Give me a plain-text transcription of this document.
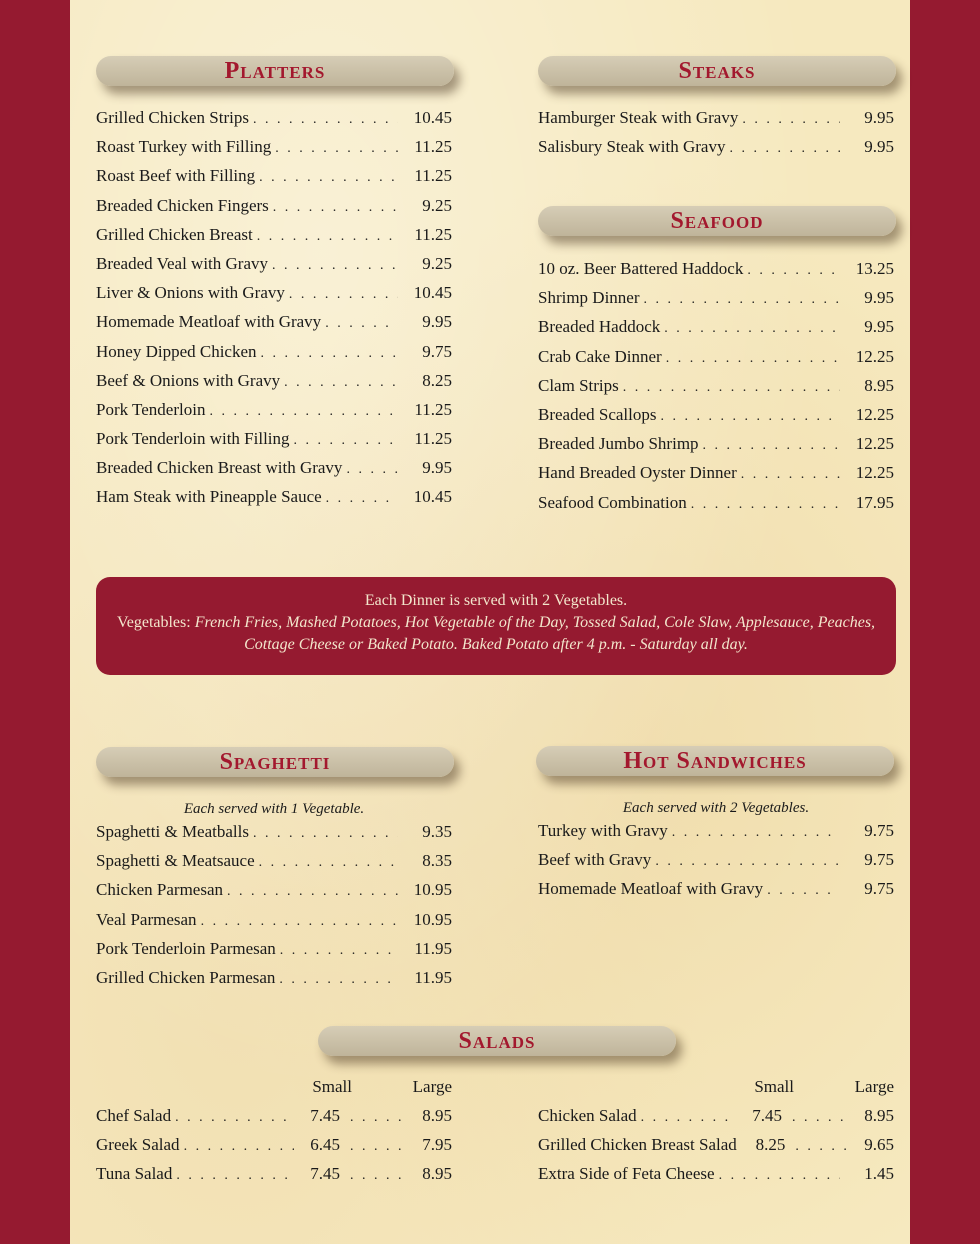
Platters
Grilled Chicken Strips . . .	10.45
Roast Turkey with Filling . . .	11.25
Roast Beef with Filling . . .	11.25
Breaded Chicken Fingers . . .	9.25
Grilled Chicken Breast . . .	11.25
Breaded Veal with Gravy . . .	9.25
Liver & Onions with Gravy . . .	10.45
Homemade Meatloaf with Gravy . . .	9.95
Honey Dipped Chicken . . .	9.75
Beef & Onions with Gravy . . .	8.25
Pork Tenderloin . . .	11.25
Pork Tenderloin with Filling . . .	11.25
Breaded Chicken Breast with Gravy . . .	9.95
Ham Steak with Pineapple Sauce . . .	10.45
Steaks
Hamburger Steak with Gravy . . .	9.95
Salisbury Steak with Gravy . . .	9.95
Seafood
10 oz. Beer Battered Haddock . . .	13.25
Shrimp Dinner . . .	9.95
Breaded Haddock . . .	9.95
Crab Cake Dinner . . .	12.25
Clam Strips . . .	8.95
Breaded Scallops . . .	12.25
Breaded Jumbo Shrimp . . .	12.25
Hand Breaded Oyster Dinner . . .	12.25
Seafood Combination . . .	17.95
Each Dinner is served with 2 Vegetables.
Vegetables: French Fries, Mashed Potatoes, Hot Vegetable of the Day, Tossed Salad, Cole Slaw, Applesauce, Peaches,
Cottage Cheese or Baked Potato. Baked Potato after 4 p.m. - Saturday all day.
Spaghetti
Each served with 1 Vegetable.
Spaghetti & Meatballs . . .	9.35
Spaghetti & Meatsauce . . .	8.35
Chicken Parmesan . . .	10.95
Veal Parmesan . . .	10.95
Pork Tenderloin Parmesan . . .	11.95
Grilled Chicken Parmesan . . .	11.95
Hot Sandwiches
Each served with 2 Vegetables.
Turkey with Gravy . . .	9.75
Beef with Gravy . . .	9.75
Homemade Meatloaf with Gravy . . .	9.75
Salads
Small	Large	Small	Large
Chef Salad . . .	7.45 . . .	8.95
Greek Salad . . .	6.45 . . .	7.95
Tuna Salad . . .	7.45 . . .	8.95
Chicken Salad . . .	7.45 . . .	8.95
Grilled Chicken Breast Salad	8.25 . . .	9.65
Extra Side of Feta Cheese . . .	1.45
